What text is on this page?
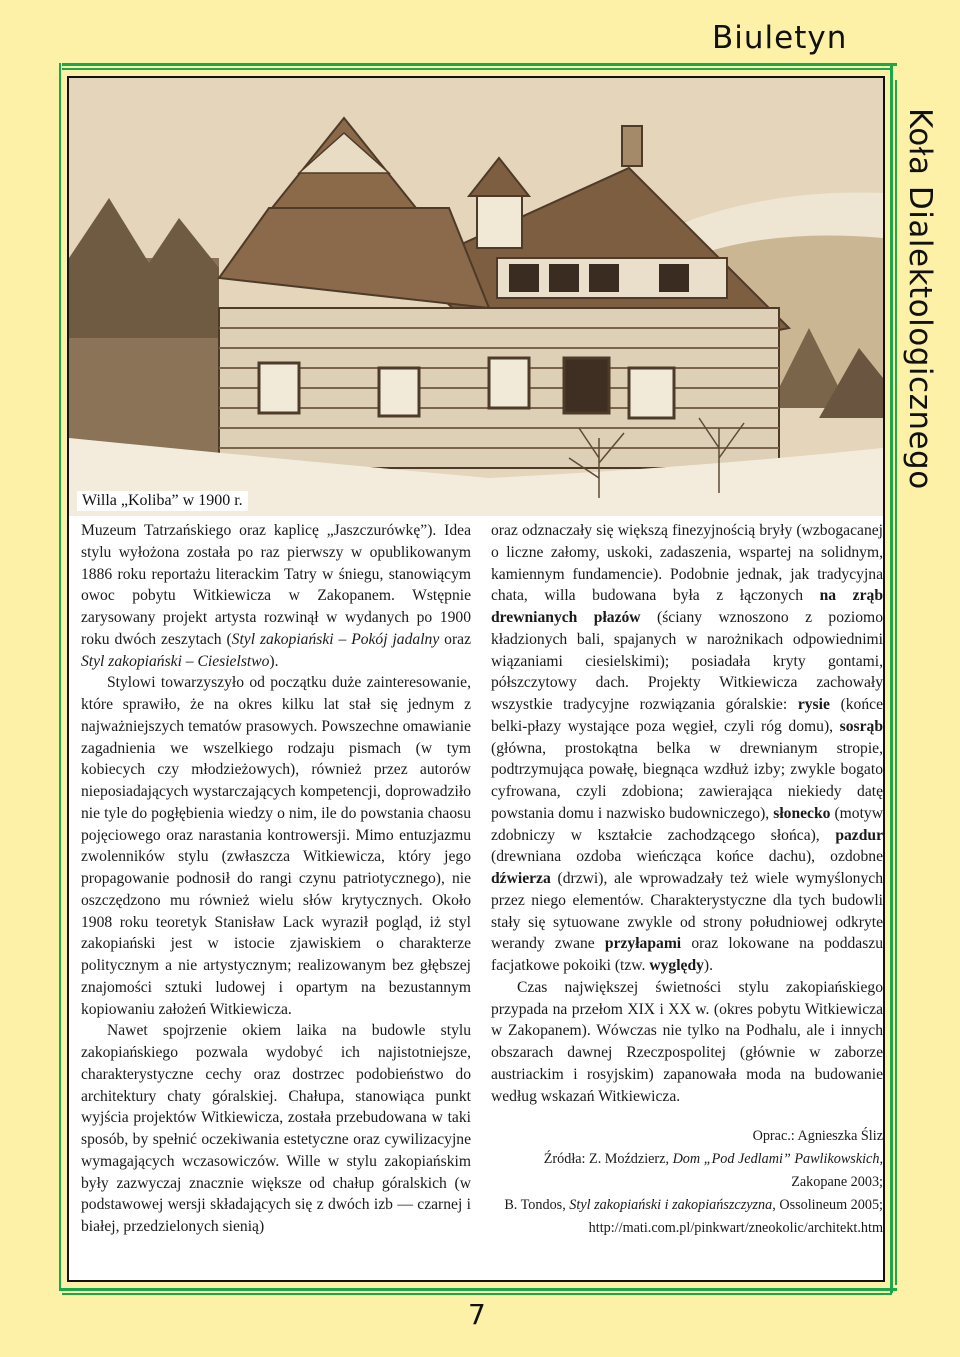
Biuletyn
Willa „Koliba” w 1900 r.

Muzeum Tatrzańskiego oraz kaplicę „Jaszczurówkę”). Idea stylu wyłożona została po raz pierwszy w opublikowanym 1886 roku reportażu literackim Tatry w śniegu, stanowiącym owoc pobytu Witkiewicza w Zakopanem. Wstępnie zarysowany projekt artysta rozwinął w wydanych po 1900 roku dwóch zeszytach (Styl zakopiański – Pokój jadalny oraz Styl zakopiański – Ciesielstwo).

Stylowi towarzyszyło od początku duże zainteresowanie, które sprawiło, że na okres kilku lat stał się jednym z najważniejszych tematów prasowych. Powszechne omawianie zagadnienia we wszelkiego rodzaju pismach (w tym kobiecych czy młodzieżowych), również przez autorów nieposiadających wystarczających kompetencji, doprowadziło nie tyle do pogłębienia wiedzy o nim, ile do powstania chaosu pojęciowego oraz narastania kontrowersji. Mimo entuzjazmu zwolenników stylu (zwłaszcza Witkiewicza, który jego propagowanie podnosił do rangi czynu patriotycznego), nie oszczędzono mu również wielu słów krytycznych. Około 1908 roku teoretyk Stanisław Lack wyraził pogląd, iż styl zakopiański jest w istocie zjawiskiem o charakterze politycznym a nie artystycznym; realizowanym bez głębszej znajomości sztuki ludowej i opartym na bezustannym kopiowaniu założeń Witkiewicza.

Nawet spojrzenie okiem laika na budowle stylu zakopiańskiego pozwala wydobyć ich najistotniejsze, charakterystyczne cechy oraz dostrzec podobieństwo do architektury chaty góralskiej. Chałupa, stanowiąca punkt wyjścia projektów Witkiewicza, została przebudowana w taki sposób, by spełnić oczekiwania estetyczne oraz cywilizacyjne wymagających wczasowiczów. Wille w stylu zakopiańskim były zazwyczaj znacznie większe od chałup góralskich (w podstawowej wersji składających się z dwóch izb — czarnej i białej, przedzielonych sienią)

oraz odznaczały się większą finezyjnością bryły (wzbogacanej o liczne załomy, uskoki, zadaszenia, wspartej na solidnym, kamiennym fundamencie). Podobnie jednak, jak tradycyjna chata, willa budowana była z łączonych na zrąb drewnianych płazów (ściany wznoszono z poziomo kładzionych bali, spajanych w narożnikach odpowiednimi wiązaniami ciesielskimi); posiadała kryty gontami, półszczytowy dach. Projekty Witkiewicza zachowały wszystkie tradycyjne rozwiązania góralskie: rysie (końce belki-płazy wystające poza węgieł, czyli róg domu), sosrąb (główna, prostokątna belka w drewnianym stropie, podtrzymująca powałę, biegnąca wzdłuż izby; zwykle bogato cyfrowana, czyli zdobiona; zawierająca niekiedy datę powstania domu i nazwisko budowniczego), słonecko (motyw zdobniczy w kształcie zachodzącego słońca), pazdur (drewniana ozdoba wieńcząca końce dachu), ozdobne dźwierza (drzwi), ale wprowadzały też wiele wymyślonych przez niego elementów. Charakterystyczne dla tych budowli stały się sytuowane zwykle od strony południowej odkryte werandy zwane przyłapami oraz lokowane na poddaszu facjatkowe pokoiki (tzw. wyględy).

Czas największej świetności stylu zakopiańskiego przypada na przełom XIX i XX w. (okres pobytu Witkiewicza w Zakopanem). Wówczas nie tylko na Podhalu, ale i innych obszarach dawnej Rzeczpospolitej (głównie w zaborze austriackim i rosyjskim) zapanowała moda na budowanie według wskazań Witkiewicza.

Oprac.: Agnieszka Śliz
Źródła: Z. Moździerz, Dom „Pod Jedlami” Pawlikowskich,
Zakopane 2003;
B. Tondos, Styl zakopiański i zakopiańszczyzna, Ossolineum 2005;
http://mati.com.pl/pinkwart/zneokolic/architekt.htm
Koła Dialektologicznego
7
